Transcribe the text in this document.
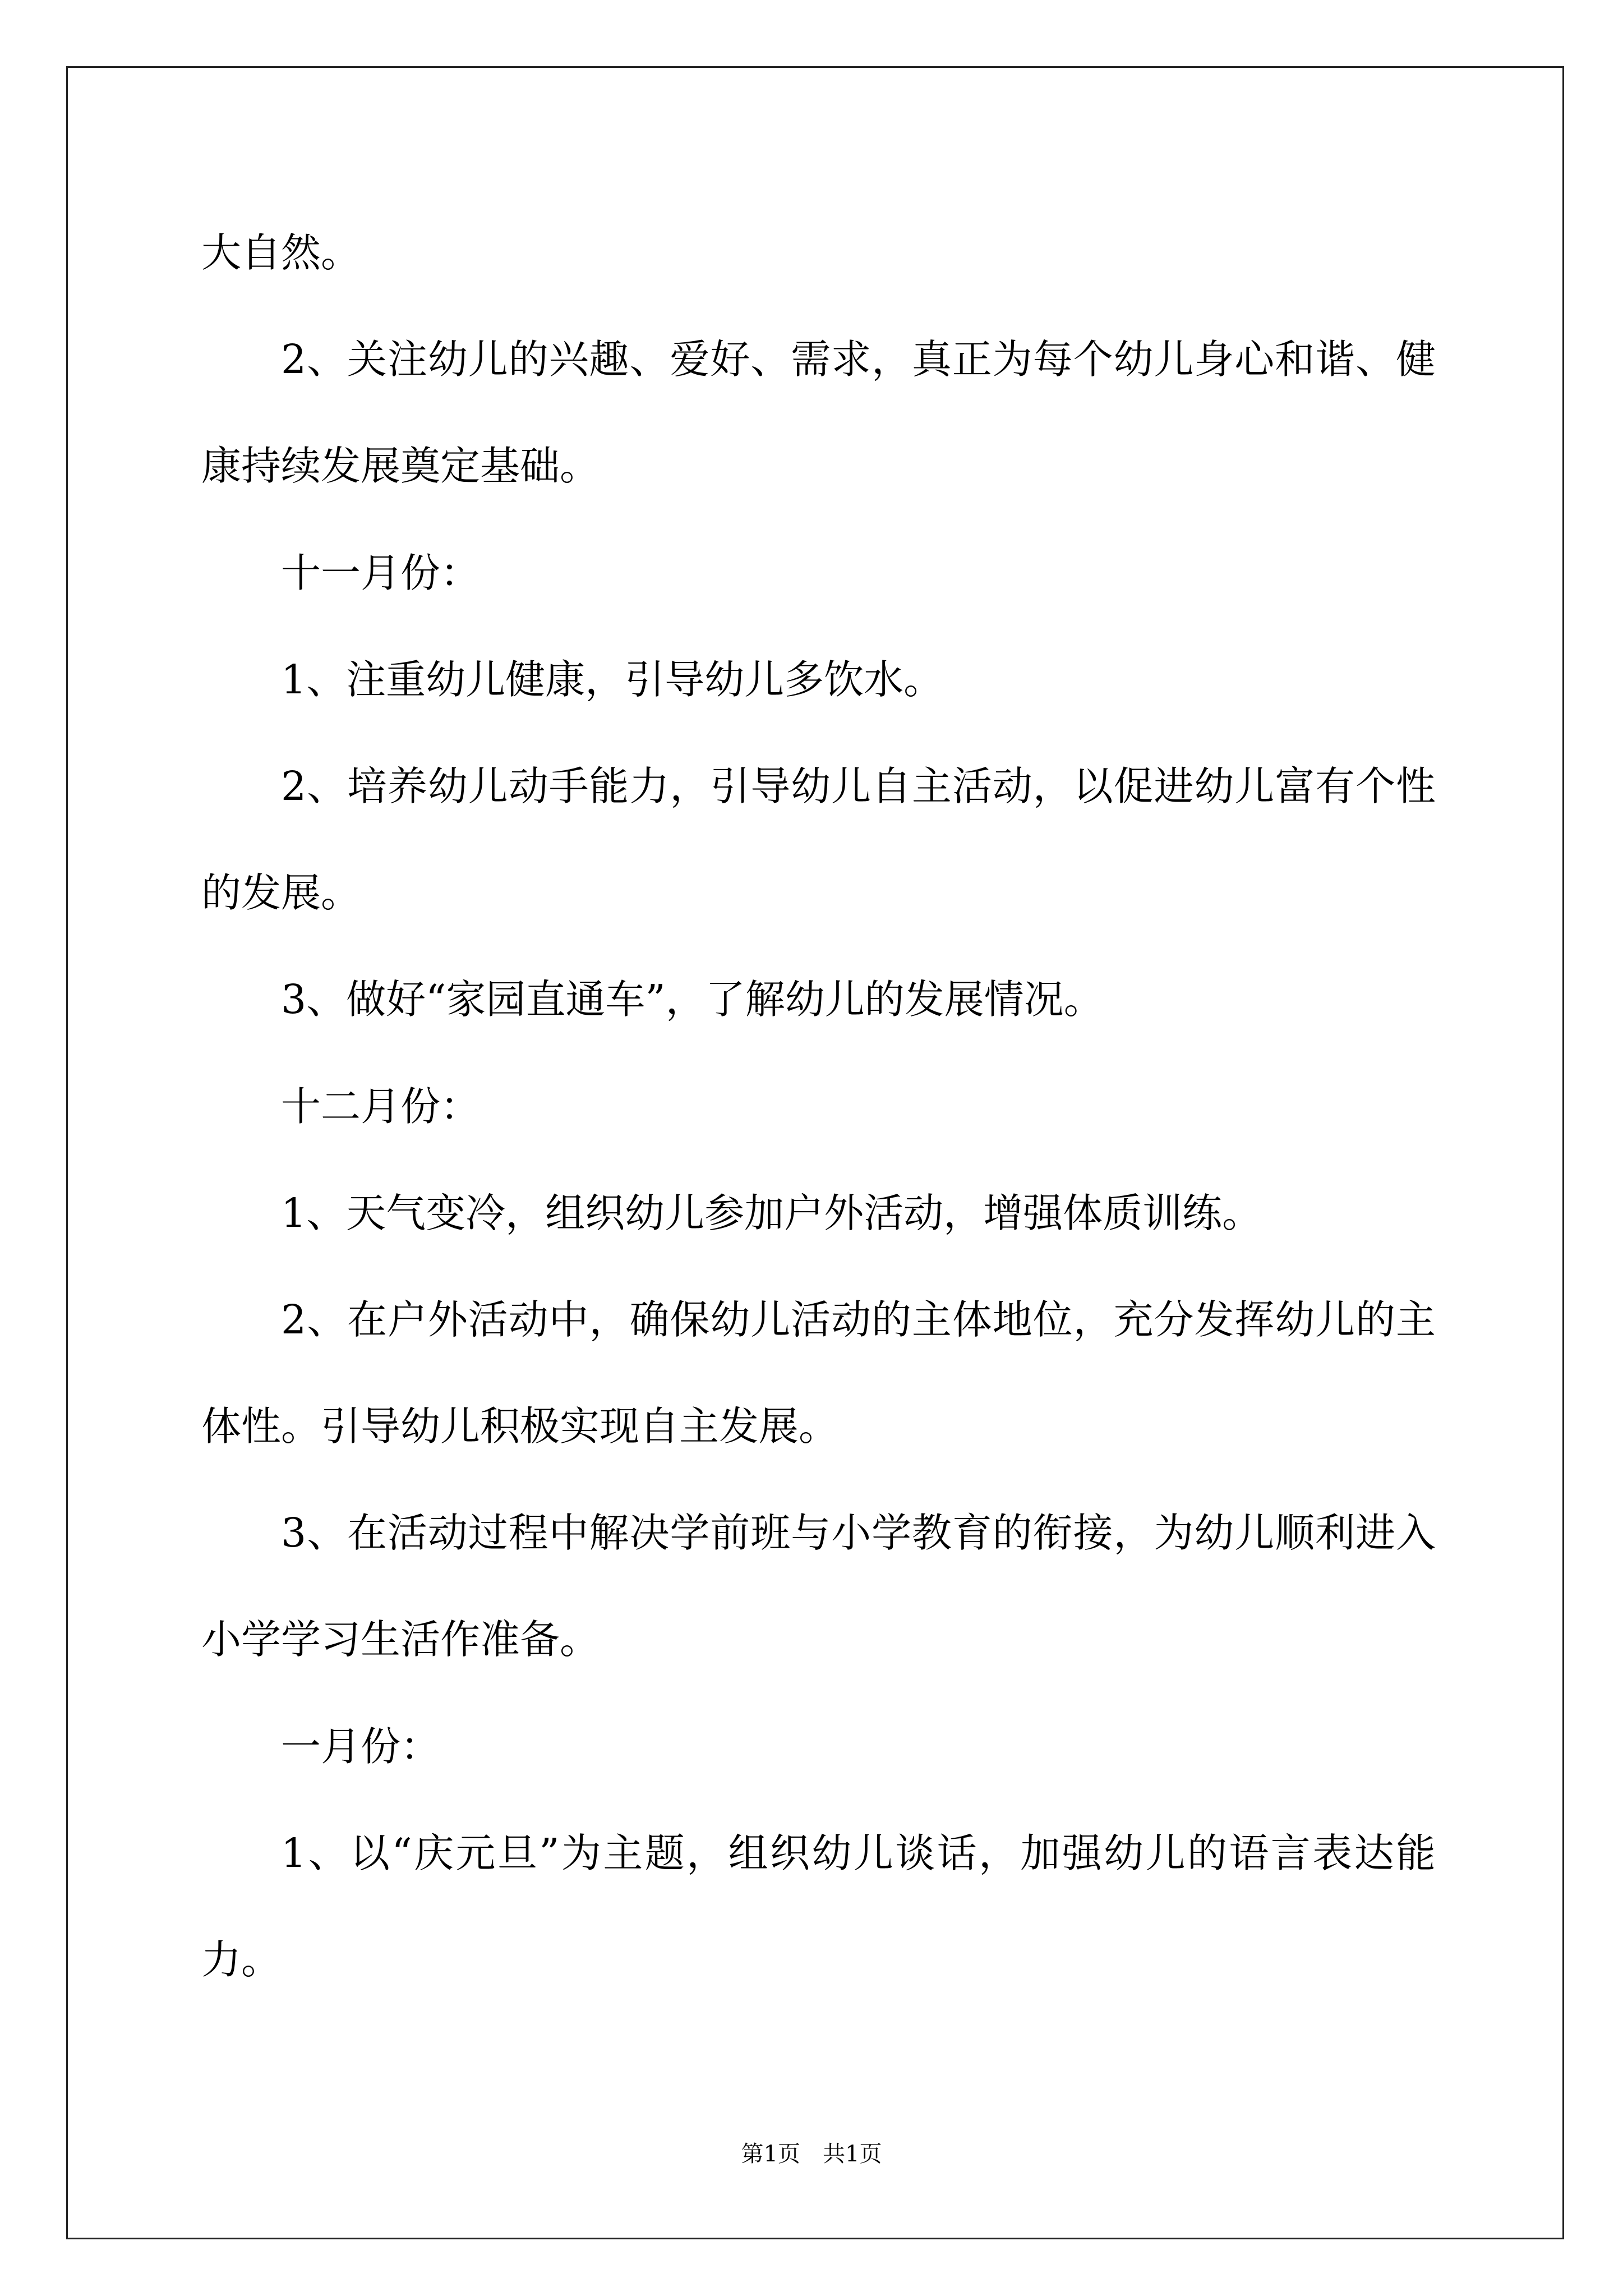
大自然。
2、关注幼儿的兴趣、爱好、需求，真正为每个幼儿身心和谐、健
康持续发展奠定基础。
十一月份：
1、注重幼儿健康，引导幼儿多饮水。
2、培养幼儿动手能力，引导幼儿自主活动，以促进幼儿富有个性
的发展。
3、做好“家园直通车”，了解幼儿的发展情况。
十二月份：
1、天气变冷，组织幼儿参加户外活动，增强体质训练。
2、在户外活动中，确保幼儿活动的主体地位，充分发挥幼儿的主
体性。引导幼儿积极实现自主发展。
3、在活动过程中解决学前班与小学教育的衔接，为幼儿顺利进入
小学学习生活作准备。
一月份：
1、以“庆元旦”为主题，组织幼儿谈话，加强幼儿的语言表达能
力。
第1页　共1页
